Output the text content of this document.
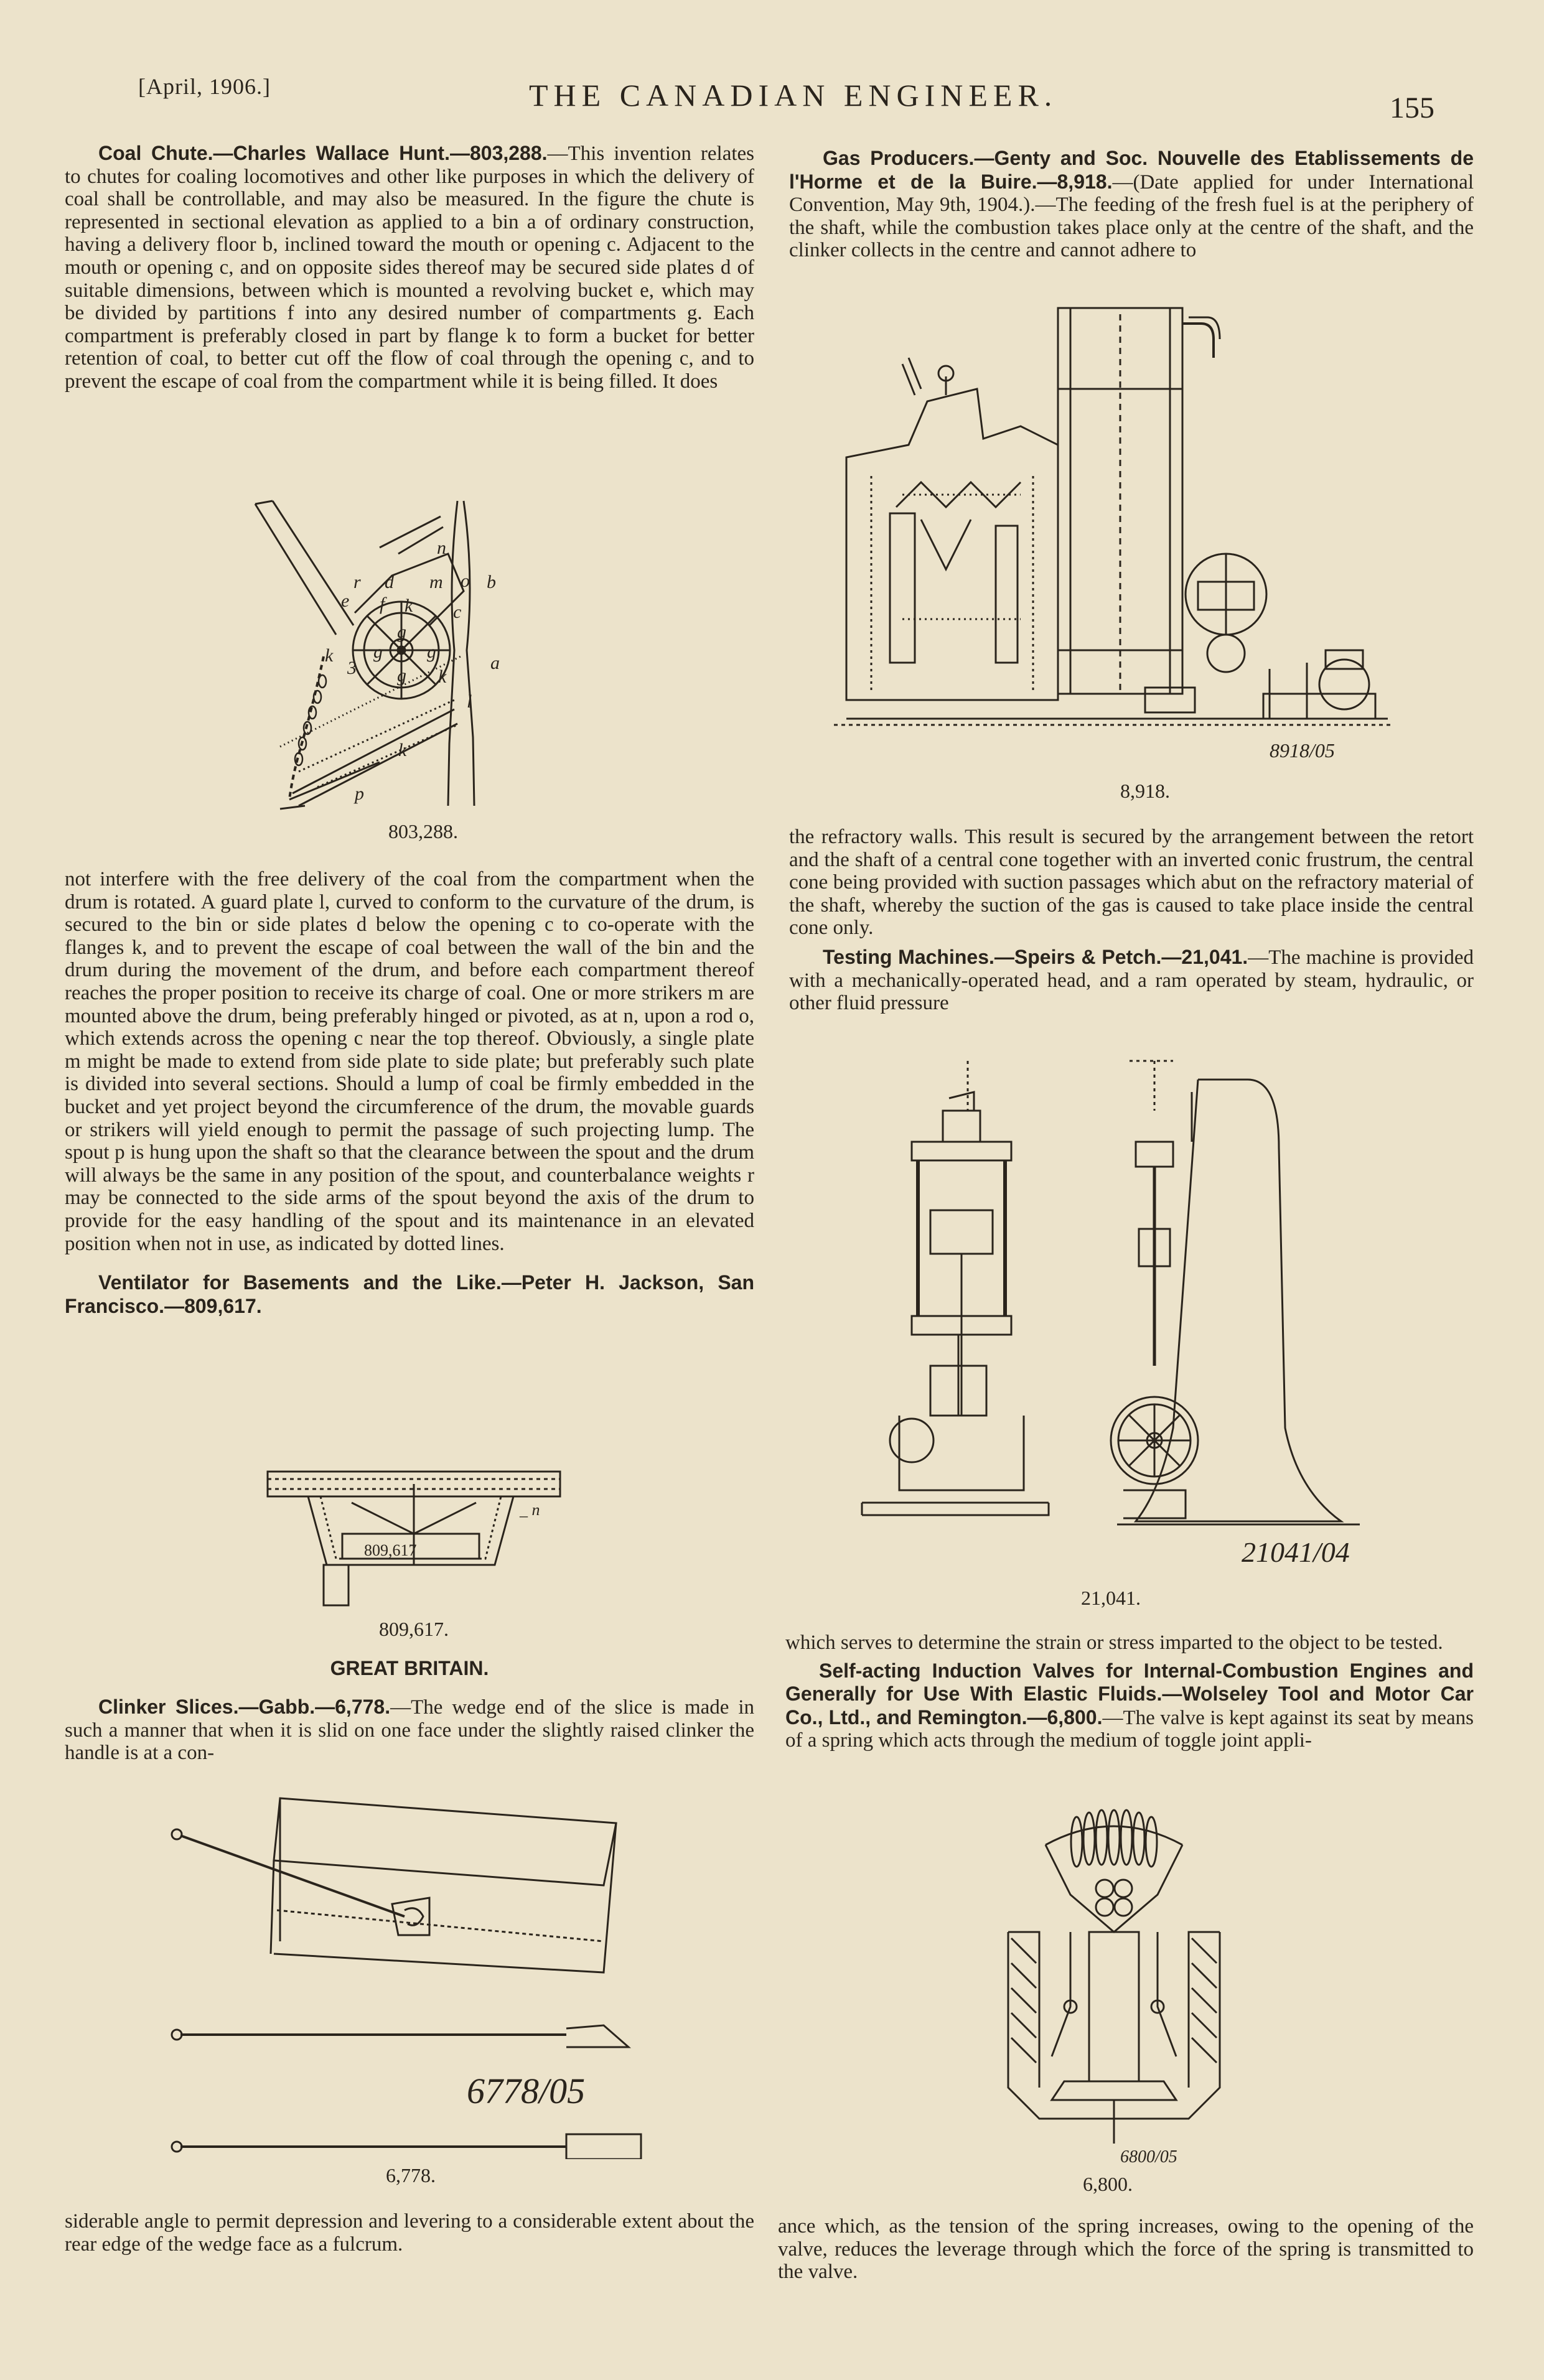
[April, 1906.]	THE CANADIAN ENGINEER.	155

Coal Chute.—Charles Wallace Hunt.—803,288.—This invention relates to chutes for coaling locomotives and other like purposes in which the delivery of coal shall be controllable, and may also be measured. In the figure the chute is represented in sectional elevation as applied to a bin a of ordinary construction, having a delivery floor b, inclined toward the mouth or opening c. Adjacent to the mouth or opening c, and on opposite sides thereof may be secured side plates d of suitable dimensions, between which is mounted a revolving bucket e, which may be divided by partitions f into any desired number of compartments g. Each compartment is preferably closed in part by flange k to form a bucket for better retention of coal, to better cut off the flow of coal through the opening c, and to prevent the escape of coal from the compartment while it is being filled. It does

n
o
r d m b
e f k c
g
g g
a
k
k
3
l
g
k
p
803,288.

not interfere with the free delivery of the coal from the compartment when the drum is rotated. A guard plate l, curved to conform to the curvature of the drum, is secured to the bin or side plates d below the opening c to co-operate with the flanges k, and to prevent the escape of coal between the wall of the bin and the drum during the movement of the drum, and before each compartment thereof reaches the proper position to receive its charge of coal. One or more strikers m are mounted above the drum, being preferably hinged or pivoted, as at n, upon a rod o, which extends across the opening c near the top thereof. Obviously, a single plate m might be made to extend from side plate to side plate; but preferably such plate is divided into several sections. Should a lump of coal be firmly embedded in the bucket and yet project beyond the circumference of the drum, the movable guards or strikers will yield enough to permit the passage of such projecting lump. The spout p is hung upon the shaft so that the clearance between the spout and the drum will always be the same in any position of the spout, and counterbalance weights r may be connected to the side arms of the spout beyond the axis of the drum to provide for the easy handling of the spout and its maintenance in an elevated position when not in use, as indicated by dotted lines.

Ventilator for Basements and the Like.—Peter H. Jackson, San Francisco.—809,617.

809,617
_ n
809,617.
GREAT BRITAIN.

Clinker Slices.—Gabb.—6,778.—The wedge end of the slice is made in such a manner that when it is slid on one face under the slightly raised clinker the handle is at a con-

6778/05
6,778.

siderable angle to permit depression and levering to a considerable extent about the rear edge of the wedge face as a fulcrum.

Gas Producers.—Genty and Soc. Nouvelle des Etablissements de l'Horme et de la Buire.—8,918.—(Date applied for under International Convention, May 9th, 1904.).—The feeding of the fresh fuel is at the periphery of the shaft, while the combustion takes place only at the centre of the shaft, and the clinker collects in the centre and cannot adhere to

8918/05
8,918.

the refractory walls. This result is secured by the arrangement between the retort and the shaft of a central cone together with an inverted conic frustrum, the central cone being provided with suction passages which abut on the refractory material of the shaft, whereby the suction of the gas is caused to take place inside the central cone only.

Testing Machines.—Speirs & Petch.—21,041.—The machine is provided with a mechanically-operated head, and a ram operated by steam, hydraulic, or other fluid pressure

21041/04
21,041.

which serves to determine the strain or stress imparted to the object to be tested.

Self-acting Induction Valves for Internal-Combustion Engines and Generally for Use With Elastic Fluids.—Wolseley Tool and Motor Car Co., Ltd., and Remington.—6,800.—The valve is kept against its seat by means of a spring which acts through the medium of toggle joint appli-

6800/05
6,800.

ance which, as the tension of the spring increases, owing to the opening of the valve, reduces the leverage through which the force of the spring is transmitted to the valve.
